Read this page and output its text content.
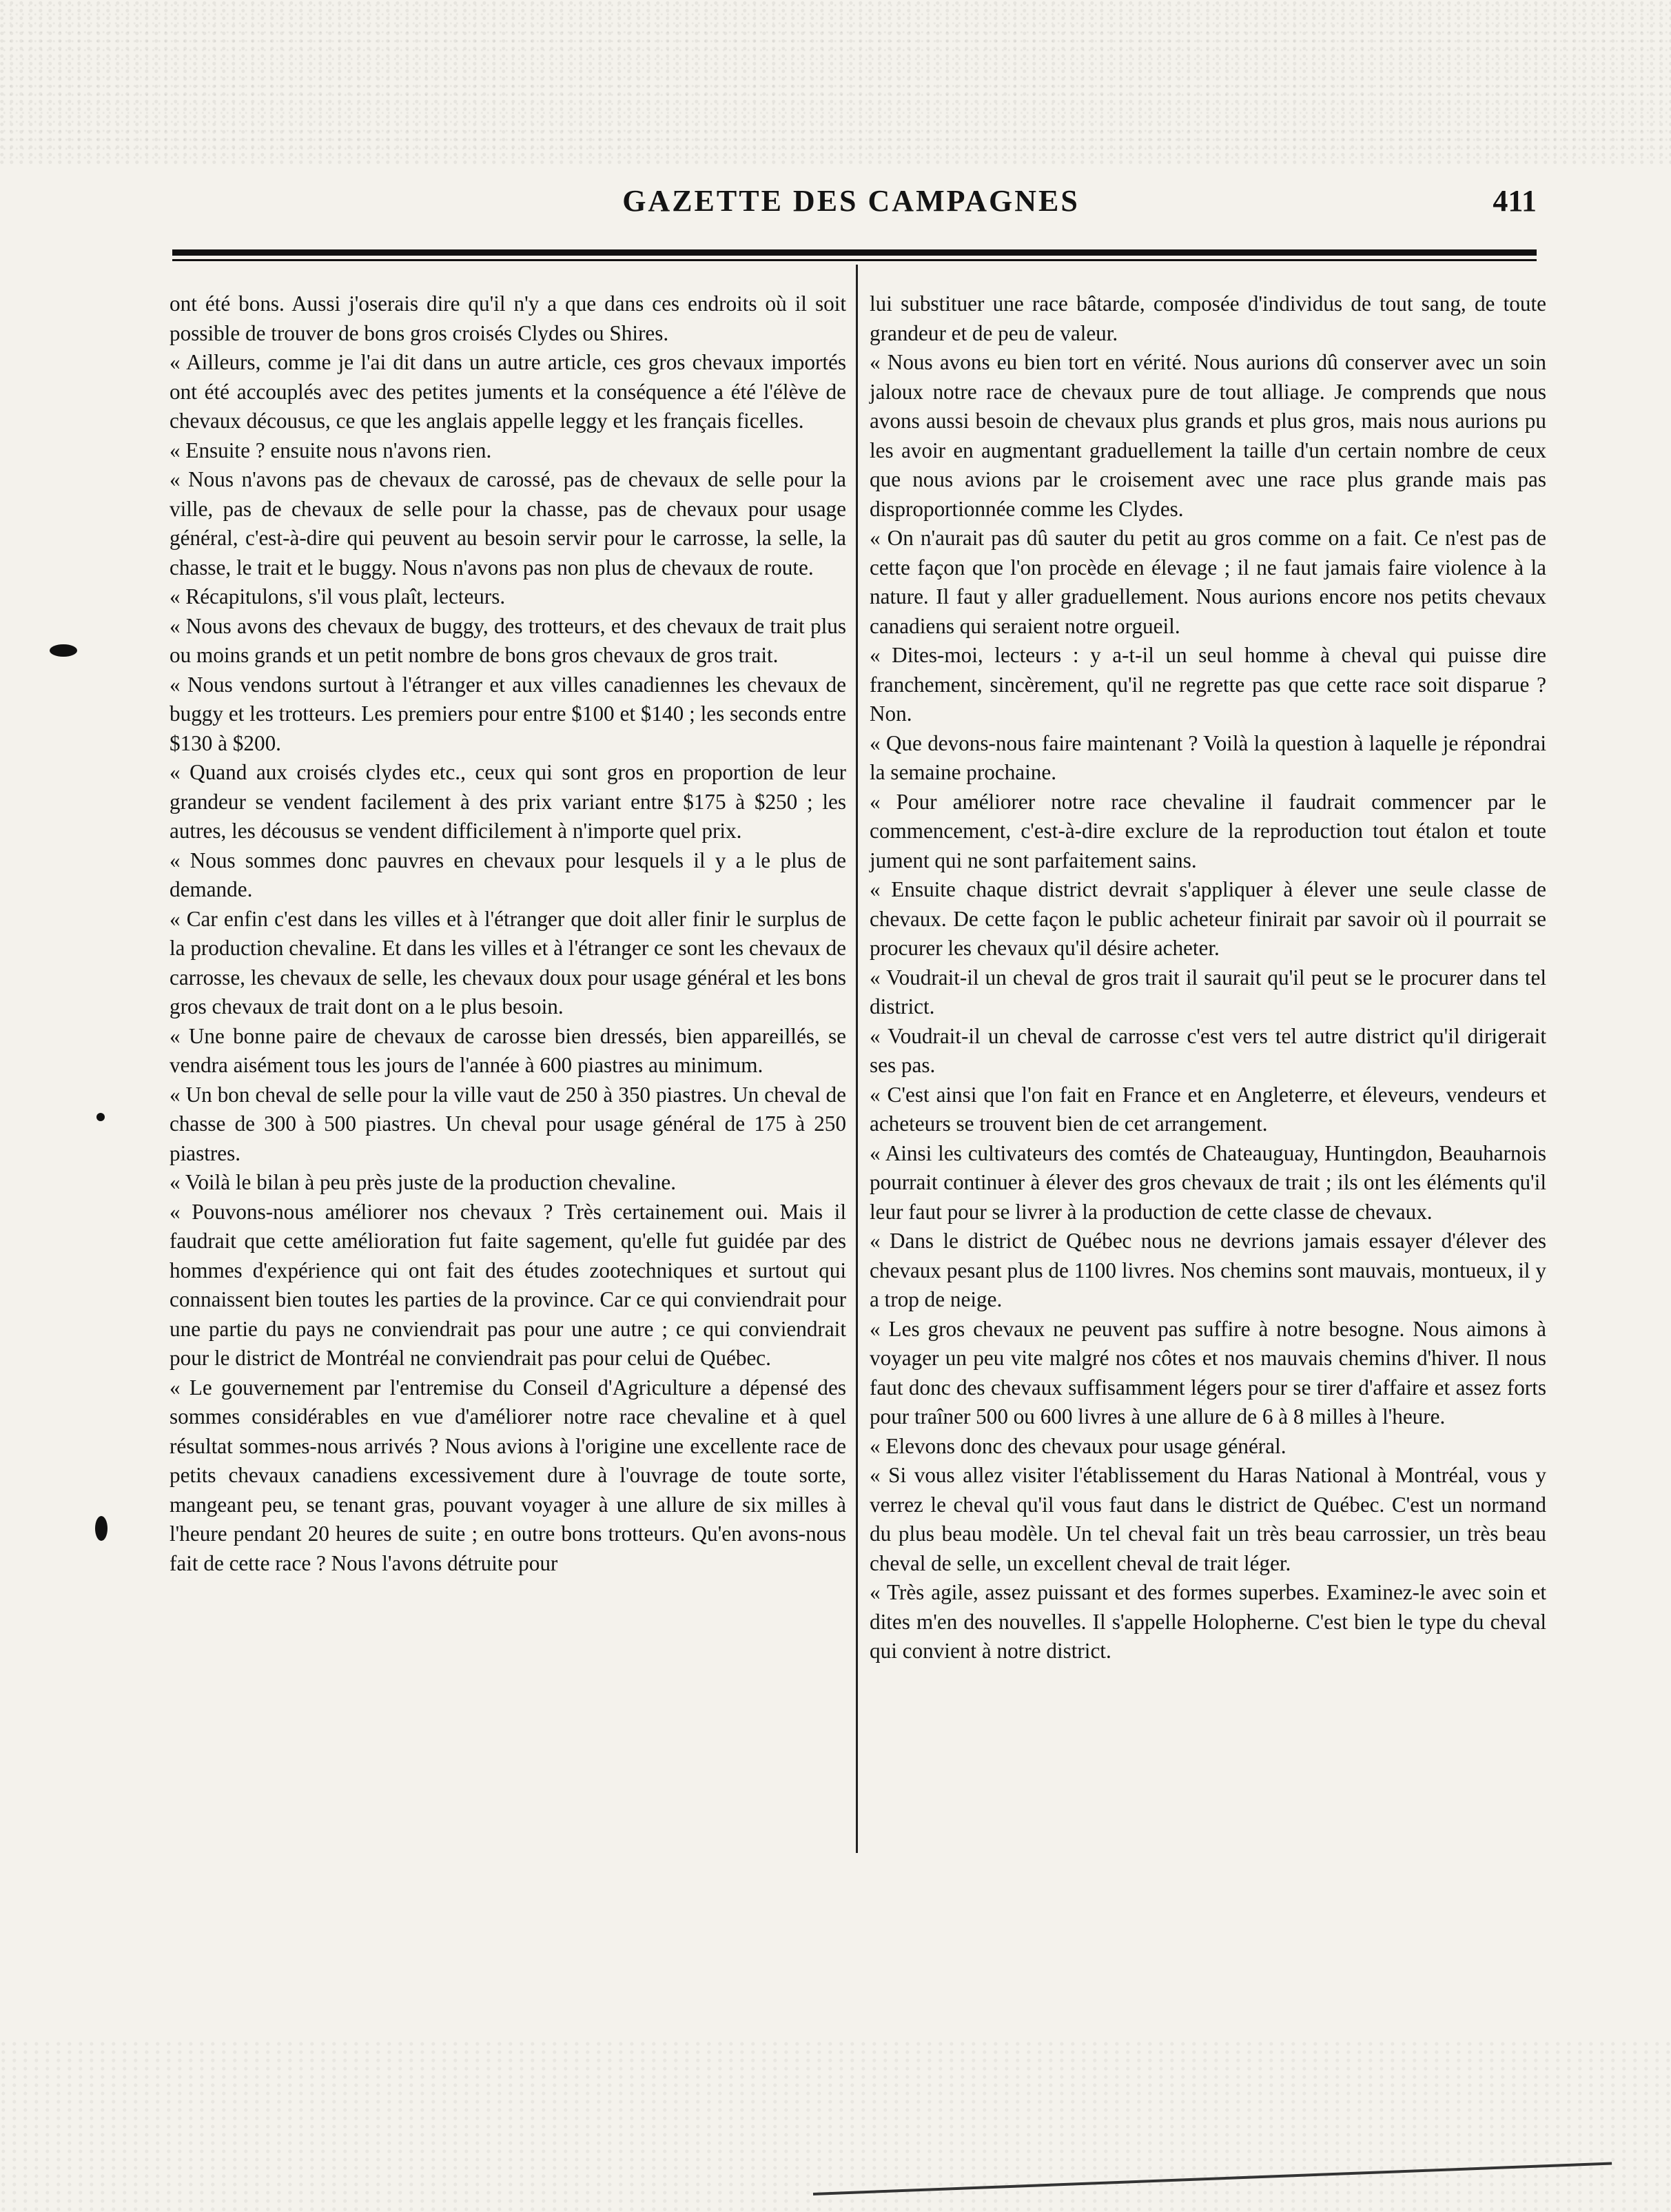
GAZETTE DES CAMPAGNES	411

ont été bons. Aussi j'oserais dire qu'il n'y a que dans ces endroits où il soit possible de trouver de bons gros croisés Clydes ou Shires.

« Ailleurs, comme je l'ai dit dans un autre article, ces gros chevaux importés ont été accouplés avec des petites juments et la conséquence a été l'élève de chevaux décousus, ce que les anglais appelle leggy et les français ficelles.

« Ensuite ? ensuite nous n'avons rien.

« Nous n'avons pas de chevaux de carossé, pas de chevaux de selle pour la ville, pas de chevaux de selle pour la chasse, pas de chevaux pour usage général, c'est-à-dire qui peuvent au besoin servir pour le carrosse, la selle, la chasse, le trait et le buggy. Nous n'avons pas non plus de chevaux de route.

« Récapitulons, s'il vous plaît, lecteurs.

« Nous avons des chevaux de buggy, des trotteurs, et des chevaux de trait plus ou moins grands et un petit nombre de bons gros chevaux de gros trait.

« Nous vendons surtout à l'étranger et aux villes canadiennes les chevaux de buggy et les trotteurs. Les premiers pour entre $100 et $140 ; les seconds entre $130 à $200.

« Quand aux croisés clydes etc., ceux qui sont gros en proportion de leur grandeur se vendent facilement à des prix variant entre $175 à $250 ; les autres, les décousus se vendent difficilement à n'importe quel prix.

« Nous sommes donc pauvres en chevaux pour lesquels il y a le plus de demande.

« Car enfin c'est dans les villes et à l'étranger que doit aller finir le surplus de la production chevaline. Et dans les villes et à l'étranger ce sont les chevaux de carrosse, les chevaux de selle, les chevaux doux pour usage général et les bons gros chevaux de trait dont on a le plus besoin.

« Une bonne paire de chevaux de carosse bien dressés, bien appareillés, se vendra aisément tous les jours de l'année à 600 piastres au minimum.

« Un bon cheval de selle pour la ville vaut de 250 à 350 piastres. Un cheval de chasse de 300 à 500 piastres. Un cheval pour usage général de 175 à 250 piastres.

« Voilà le bilan à peu près juste de la production chevaline.

« Pouvons-nous améliorer nos chevaux ? Très certainement oui. Mais il faudrait que cette amélioration fut faite sagement, qu'elle fut guidée par des hommes d'expérience qui ont fait des études zootechniques et surtout qui connaissent bien toutes les parties de la province. Car ce qui conviendrait pour une partie du pays ne conviendrait pas pour une autre ; ce qui conviendrait pour le district de Montréal ne conviendrait pas pour celui de Québec.

« Le gouvernement par l'entremise du Conseil d'Agriculture a dépensé des sommes considérables en vue d'améliorer notre race chevaline et à quel résultat sommes-nous arrivés ? Nous avions à l'origine une excellente race de petits chevaux canadiens excessivement dure à l'ouvrage de toute sorte, mangeant peu, se tenant gras, pouvant voyager à une allure de six milles à l'heure pendant 20 heures de suite ; en outre bons trotteurs. Qu'en avons-nous fait de cette race ? Nous l'avons détruite pour

lui substituer une race bâtarde, composée d'individus de tout sang, de toute grandeur et de peu de valeur.

« Nous avons eu bien tort en vérité. Nous aurions dû conserver avec un soin jaloux notre race de chevaux pure de tout alliage. Je comprends que nous avons aussi besoin de chevaux plus grands et plus gros, mais nous aurions pu les avoir en augmentant graduellement la taille d'un certain nombre de ceux que nous avions par le croisement avec une race plus grande mais pas disproportionnée comme les Clydes.

« On n'aurait pas dû sauter du petit au gros comme on a fait. Ce n'est pas de cette façon que l'on procède en élevage ; il ne faut jamais faire violence à la nature. Il faut y aller graduellement. Nous aurions encore nos petits chevaux canadiens qui seraient notre orgueil.

« Dites-moi, lecteurs : y a-t-il un seul homme à cheval qui puisse dire franchement, sincèrement, qu'il ne regrette pas que cette race soit disparue ? Non.

« Que devons-nous faire maintenant ? Voilà la question à laquelle je répondrai la semaine prochaine.

« Pour améliorer notre race chevaline il faudrait commencer par le commencement, c'est-à-dire exclure de la reproduction tout étalon et toute jument qui ne sont parfaitement sains.

« Ensuite chaque district devrait s'appliquer à élever une seule classe de chevaux. De cette façon le public acheteur finirait par savoir où il pourrait se procurer les chevaux qu'il désire acheter.

« Voudrait-il un cheval de gros trait il saurait qu'il peut se le procurer dans tel district.

« Voudrait-il un cheval de carrosse c'est vers tel autre district qu'il dirigerait ses pas.

« C'est ainsi que l'on fait en France et en Angleterre, et éleveurs, vendeurs et acheteurs se trouvent bien de cet arrangement.

« Ainsi les cultivateurs des comtés de Chateauguay, Huntingdon, Beauharnois pourrait continuer à élever des gros chevaux de trait ; ils ont les éléments qu'il leur faut pour se livrer à la production de cette classe de chevaux.

« Dans le district de Québec nous ne devrions jamais essayer d'élever des chevaux pesant plus de 1100 livres. Nos chemins sont mauvais, montueux, il y a trop de neige.

« Les gros chevaux ne peuvent pas suffire à notre besogne. Nous aimons à voyager un peu vite malgré nos côtes et nos mauvais chemins d'hiver. Il nous faut donc des chevaux suffisamment légers pour se tirer d'affaire et assez forts pour traîner 500 ou 600 livres à une allure de 6 à 8 milles à l'heure.

« Elevons donc des chevaux pour usage général.

« Si vous allez visiter l'établissement du Haras National à Montréal, vous y verrez le cheval qu'il vous faut dans le district de Québec. C'est un normand du plus beau modèle. Un tel cheval fait un très beau carrossier, un très beau cheval de selle, un excellent cheval de trait léger.

« Très agile, assez puissant et des formes superbes. Examinez-le avec soin et dites m'en des nouvelles. Il s'appelle Holopherne. C'est bien le type du cheval qui convient à notre district.
